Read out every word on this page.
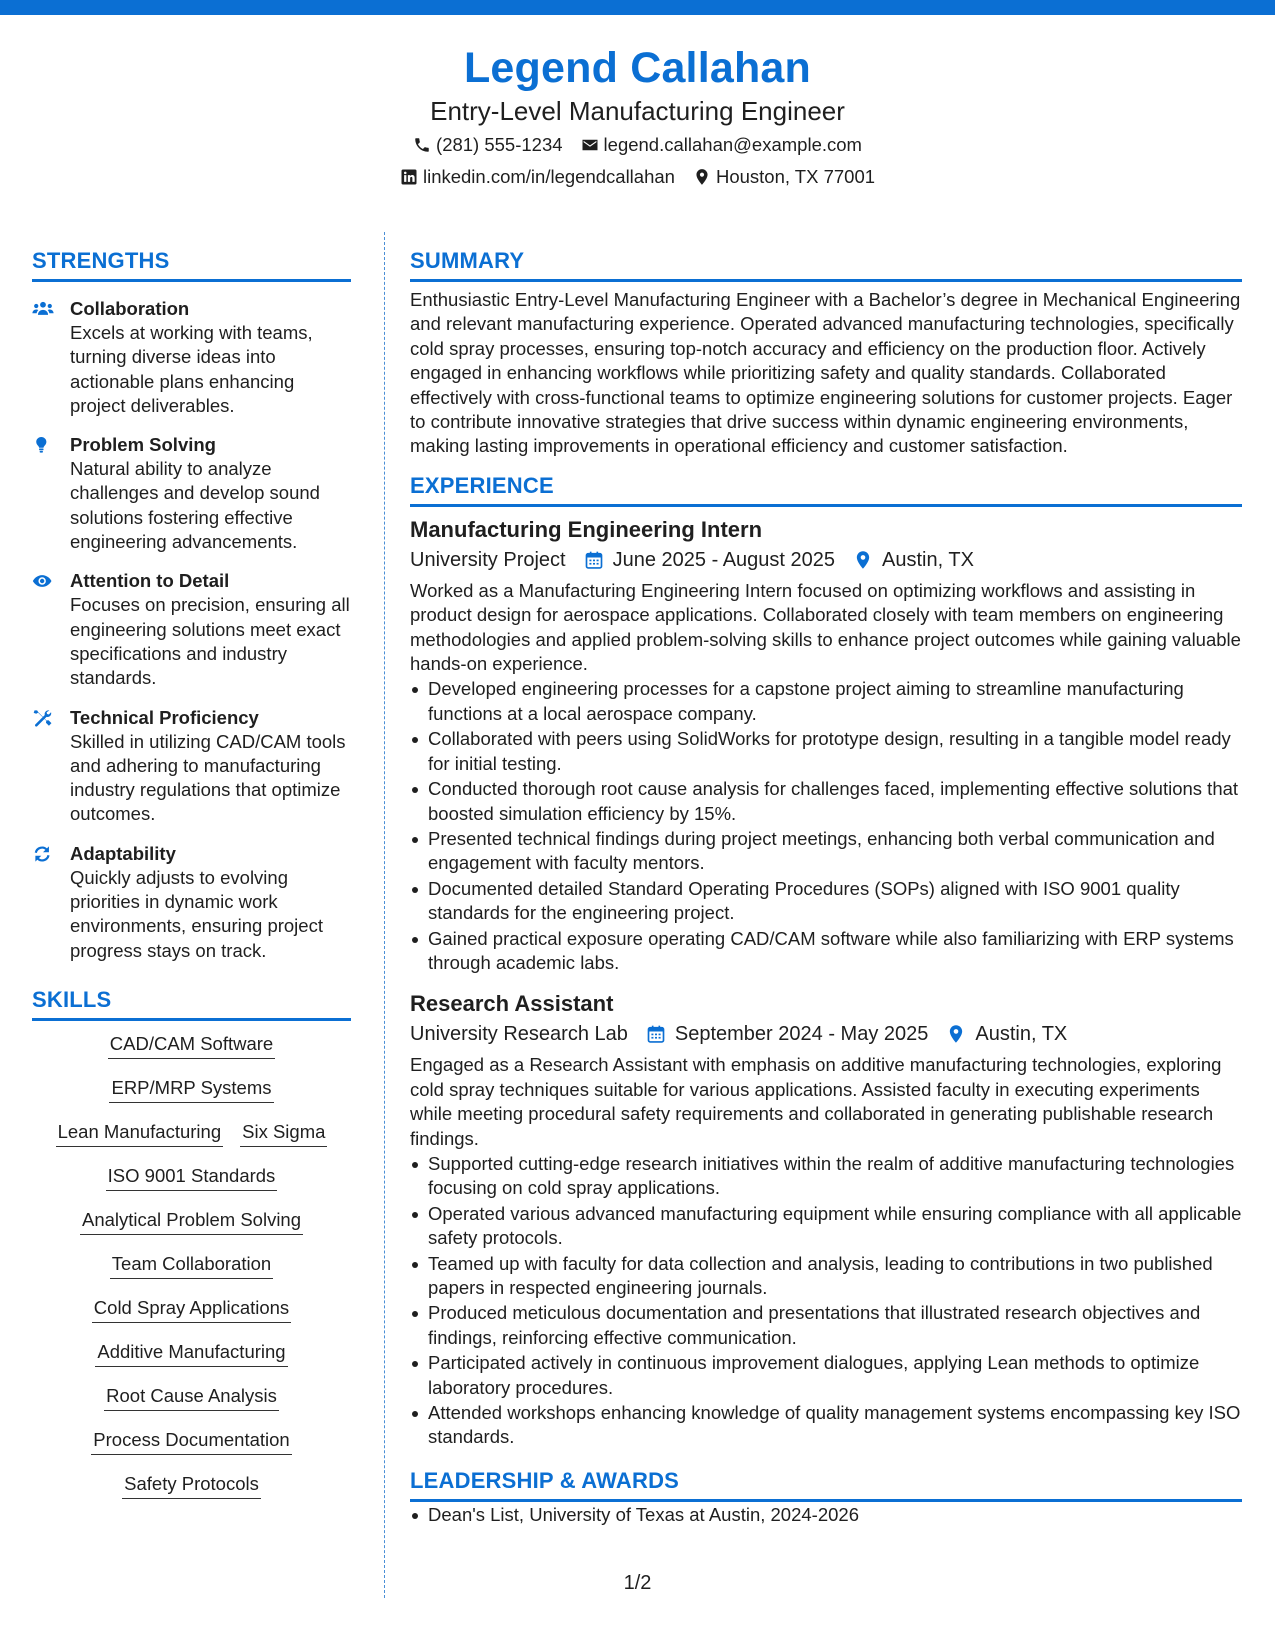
Legend Callahan
Entry-Level Manufacturing Engineer
(281) 555-1234 legend.callahan@example.com
linkedin.com/in/legendcallahan Houston, TX 77001
STRENGTHS
Collaboration
Excels at working with teams, turning diverse ideas into actionable plans enhancing project deliverables.
Problem Solving
Natural ability to analyze challenges and develop sound solutions fostering effective engineering advancements.
Attention to Detail
Focuses on precision, ensuring all engineering solutions meet exact specifications and industry standards.
Technical Proficiency
Skilled in utilizing CAD/CAM tools and adhering to manufacturing industry regulations that optimize outcomes.
Adaptability
Quickly adjusts to evolving priorities in dynamic work environments, ensuring project progress stays on track.
SKILLS
CAD/CAM Software
ERP/MRP Systems
Lean Manufacturing Six Sigma
ISO 9001 Standards
Analytical Problem Solving
Team Collaboration
Cold Spray Applications
Additive Manufacturing
Root Cause Analysis
Process Documentation
Safety Protocols
SUMMARY
Enthusiastic Entry-Level Manufacturing Engineer with a Bachelor’s degree in Mechanical Engineering and relevant manufacturing experience. Operated advanced manufacturing technologies, specifically cold spray processes, ensuring top-notch accuracy and efficiency on the production floor. Actively engaged in enhancing workflows while prioritizing safety and quality standards. Collaborated effectively with cross-functional teams to optimize engineering solutions for customer projects. Eager to contribute innovative strategies that drive success within dynamic engineering environments, making lasting improvements in operational efficiency and customer satisfaction.
EXPERIENCE
Manufacturing Engineering Intern
University Project June 2025 - August 2025 Austin, TX
Worked as a Manufacturing Engineering Intern focused on optimizing workflows and assisting in product design for aerospace applications. Collaborated closely with team members on engineering methodologies and applied problem-solving skills to enhance project outcomes while gaining valuable hands-on experience.
Developed engineering processes for a capstone project aiming to streamline manufacturing functions at a local aerospace company.
Collaborated with peers using SolidWorks for prototype design, resulting in a tangible model ready for initial testing.
Conducted thorough root cause analysis for challenges faced, implementing effective solutions that boosted simulation efficiency by 15%.
Presented technical findings during project meetings, enhancing both verbal communication and engagement with faculty mentors.
Documented detailed Standard Operating Procedures (SOPs) aligned with ISO 9001 quality standards for the engineering project.
Gained practical exposure operating CAD/CAM software while also familiarizing with ERP systems through academic labs.
Research Assistant
University Research Lab September 2024 - May 2025 Austin, TX
Engaged as a Research Assistant with emphasis on additive manufacturing technologies, exploring cold spray techniques suitable for various applications. Assisted faculty in executing experiments while meeting procedural safety requirements and collaborated in generating publishable research findings.
Supported cutting-edge research initiatives within the realm of additive manufacturing technologies focusing on cold spray applications.
Operated various advanced manufacturing equipment while ensuring compliance with all applicable safety protocols.
Teamed up with faculty for data collection and analysis, leading to contributions in two published papers in respected engineering journals.
Produced meticulous documentation and presentations that illustrated research objectives and findings, reinforcing effective communication.
Participated actively in continuous improvement dialogues, applying Lean methods to optimize laboratory procedures.
Attended workshops enhancing knowledge of quality management systems encompassing key ISO standards.
LEADERSHIP & AWARDS
Dean's List, University of Texas at Austin, 2024-2026
1/2
